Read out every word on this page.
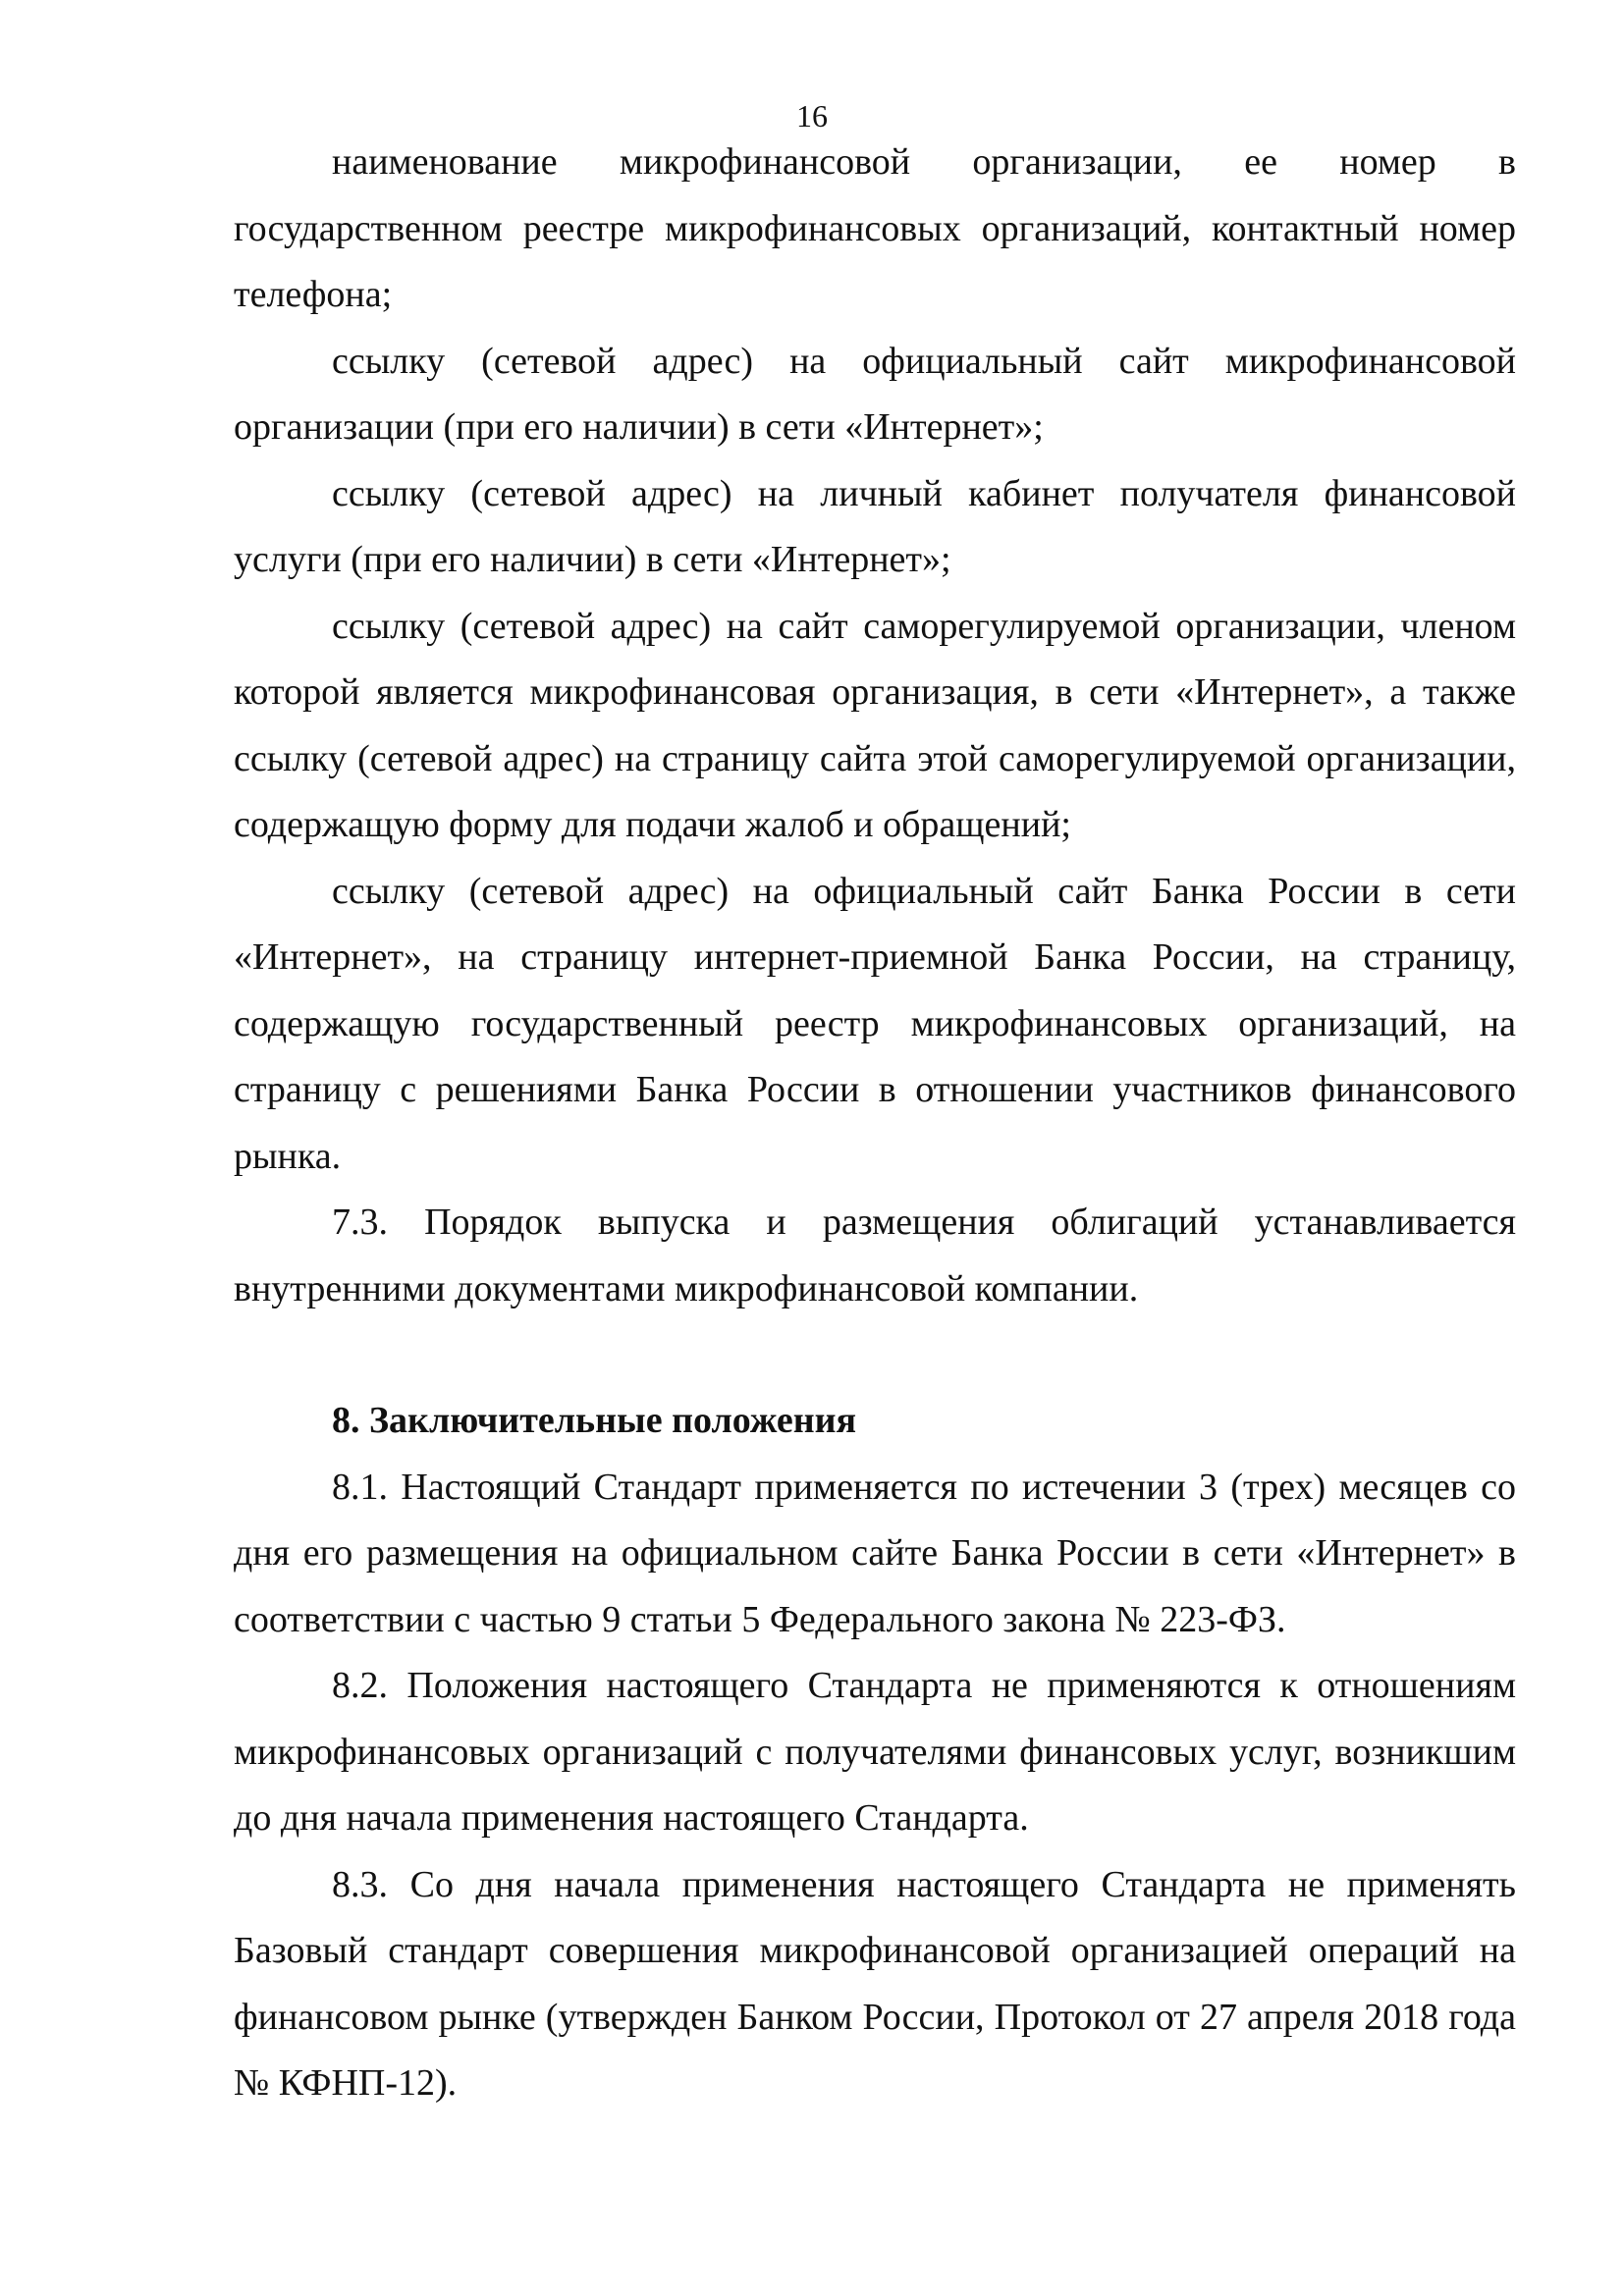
16

наименование микрофинансовой организации, ее номер в государственном реестре микрофинансовых организаций, контактный номер телефона;

ссылку (сетевой адрес) на официальный сайт микрофинансовой организации (при его наличии) в сети «Интернет»;

ссылку (сетевой адрес) на личный кабинет получателя финансовой услуги (при его наличии) в сети «Интернет»;

ссылку (сетевой адрес) на сайт саморегулируемой организации, членом которой является микрофинансовая организация, в сети «Интернет», а также ссылку (сетевой адрес) на страницу сайта этой саморегулируемой организации, содержащую форму для подачи жалоб и обращений;

ссылку (сетевой адрес) на официальный сайт Банка России в сети «Интернет», на страницу интернет-приемной Банка России, на страницу, содержащую государственный реестр микрофинансовых организаций, на страницу с решениями Банка России в отношении участников финансового рынка.

7.3. Порядок выпуска и размещения облигаций устанавливается внутренними документами микрофинансовой компании.

8. Заключительные положения

8.1. Настоящий Стандарт применяется по истечении 3 (трех) месяцев со дня его размещения на официальном сайте Банка России в сети «Интернет» в соответствии с частью 9 статьи 5 Федерального закона № 223-ФЗ.

8.2. Положения настоящего Стандарта не применяются к отношениям микрофинансовых организаций с получателями финансовых услуг, возникшим до дня начала применения настоящего Стандарта.

8.3. Со дня начала применения настоящего Стандарта не применять Базовый стандарт совершения микрофинансовой организацией операций на финансовом рынке (утвержден Банком России, Протокол от 27 апреля 2018 года № КФНП-12).
